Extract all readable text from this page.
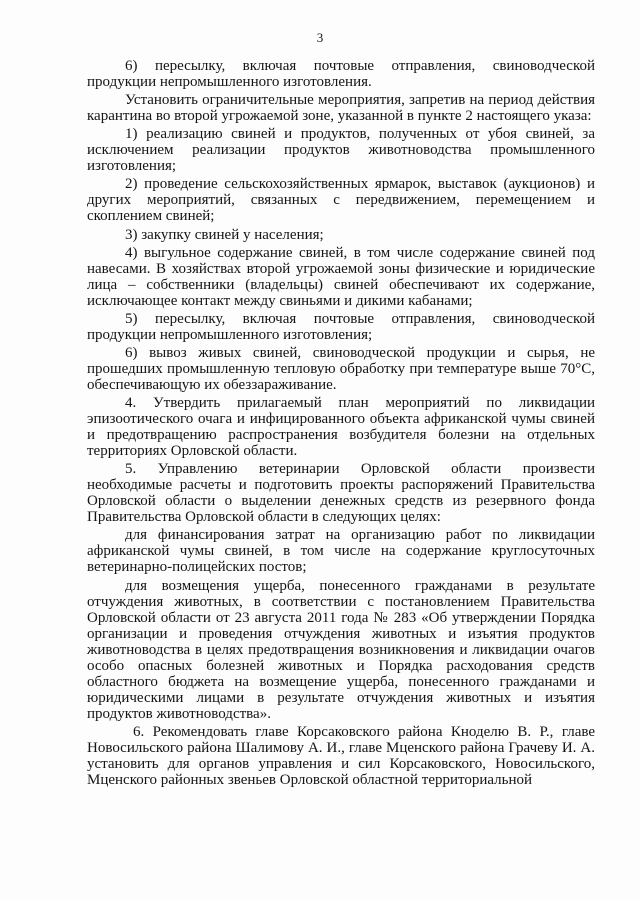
3

6) пересылку, включая почтовые отправления, свиноводческой продукции непромышленного изготовления.

Установить ограничительные мероприятия, запретив на период действия карантина во второй угрожаемой зоне, указанной в пункте 2 настоящего указа:

1) реализацию свиней и продуктов, полученных от убоя свиней, за исключением реализации продуктов животноводства промышленного изготовления;

2) проведение сельскохозяйственных ярмарок, выставок (аукционов) и других мероприятий, связанных с передвижением, перемещением и скоплением свиней;

3) закупку свиней у населения;

4) выгульное содержание свиней, в том числе содержание свиней под навесами. В хозяйствах второй угрожаемой зоны физические и юридические лица – собственники (владельцы) свиней обеспечивают их содержание, исключающее контакт между свиньями и дикими кабанами;

5) пересылку, включая почтовые отправления, свиноводческой продукции непромышленного изготовления;

6) вывоз живых свиней, свиноводческой продукции и сырья, не прошедших промышленную тепловую обработку при температуре выше 70°С, обеспечивающую их обеззараживание.

4. Утвердить прилагаемый план мероприятий по ликвидации эпизоотического очага и инфицированного объекта африканской чумы свиней и предотвращению распространения возбудителя болезни на отдельных территориях Орловской области.

5. Управлению ветеринарии Орловской области произвести необходимые расчеты и подготовить проекты распоряжений Правительства Орловской области о выделении денежных средств из резервного фонда Правительства Орловской области в следующих целях:

для финансирования затрат на организацию работ по ликвидации африканской чумы свиней, в том числе на содержание круглосуточных ветеринарно-полицейских постов;

для возмещения ущерба, понесенного гражданами в результате отчуждения животных, в соответствии с постановлением Правительства Орловской области от 23 августа 2011 года № 283 «Об утверждении Порядка организации и проведения отчуждения животных и изъятия продуктов животноводства в целях предотвращения возникновения и ликвидации очагов особо опасных болезней животных и Порядка расходования средств областного бюджета на возмещение ущерба, понесенного гражданами и юридическими лицами в результате отчуждения животных и изъятия продуктов животноводства».

6. Рекомендовать главе Корсаковского района Кноделю В. Р., главе Новосильского района Шалимову А. И., главе Мценского района Грачеву И. А. установить для органов управления и сил Корсаковского, Новосильского, Мценского районных звеньев Орловской областной территориальной
